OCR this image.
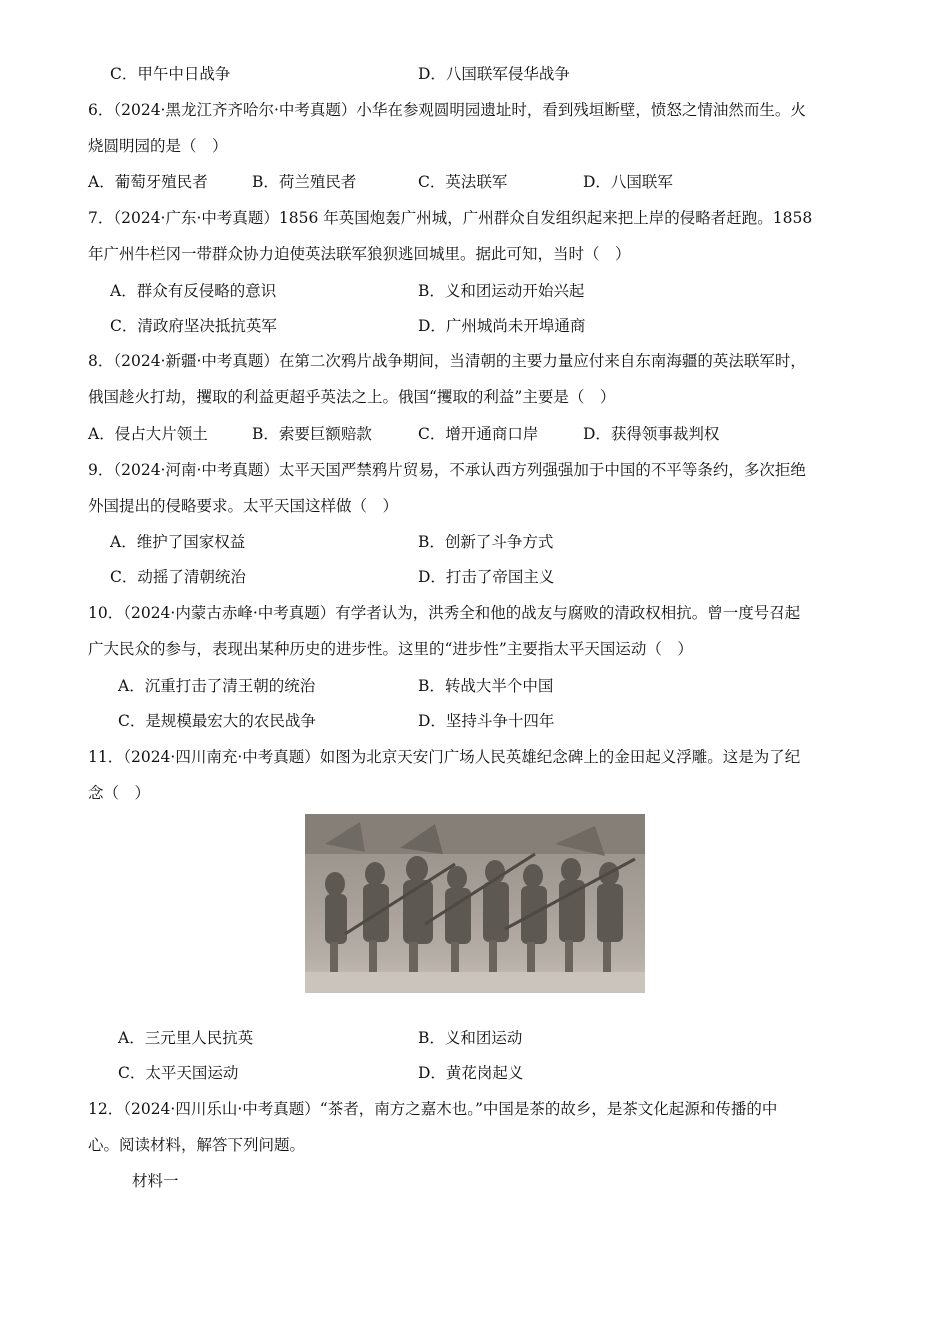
C．甲午中日战争	D．八国联军侵华战争
6．（2024·黑龙江齐齐哈尔·中考真题）小华在参观圆明园遗址时，看到残垣断壁，愤怒之情油然而生。火
烧圆明园的是（　）
A．葡萄牙殖民者	B．荷兰殖民者	C．英法联军	D．八国联军
7．（2024·广东·中考真题）1856 年英国炮轰广州城，广州群众自发组织起来把上岸的侵略者赶跑。1858
年广州牛栏冈一带群众协力迫使英法联军狼狈逃回城里。据此可知，当时（　）
A．群众有反侵略的意识	B．义和团运动开始兴起
C．清政府坚决抵抗英军	D．广州城尚未开埠通商
8．（2024·新疆·中考真题）在第二次鸦片战争期间，当清朝的主要力量应付来自东南海疆的英法联军时，
俄国趁火打劫，攫取的利益更超乎英法之上。俄国“攫取的利益”主要是（　）
A．侵占大片领土	B．索要巨额赔款	C．增开通商口岸	D．获得领事裁判权
9．（2024·河南·中考真题）太平天国严禁鸦片贸易，不承认西方列强强加于中国的不平等条约，多次拒绝
外国提出的侵略要求。太平天国这样做（　）
A．维护了国家权益	B．创新了斗争方式
C．动摇了清朝统治	D．打击了帝国主义
10．（2024·内蒙古赤峰·中考真题）有学者认为，洪秀全和他的战友与腐败的清政权相抗。曾一度号召起
广大民众的参与，表现出某种历史的进步性。这里的“进步性”主要指太平天国运动（　）
A．沉重打击了清王朝的统治	B．转战大半个中国
C．是规模最宏大的农民战争	D．坚持斗争十四年
11．（2024·四川南充·中考真题）如图为北京天安门广场人民英雄纪念碑上的金田起义浮雕。这是为了纪
念（　）
A．三元里人民抗英	B．义和团运动
C．太平天国运动	D．黄花岗起义
12．（2024·四川乐山·中考真题）“茶者，南方之嘉木也。”中国是茶的故乡，是茶文化起源和传播的中
心。阅读材料，解答下列问题。
材料一
